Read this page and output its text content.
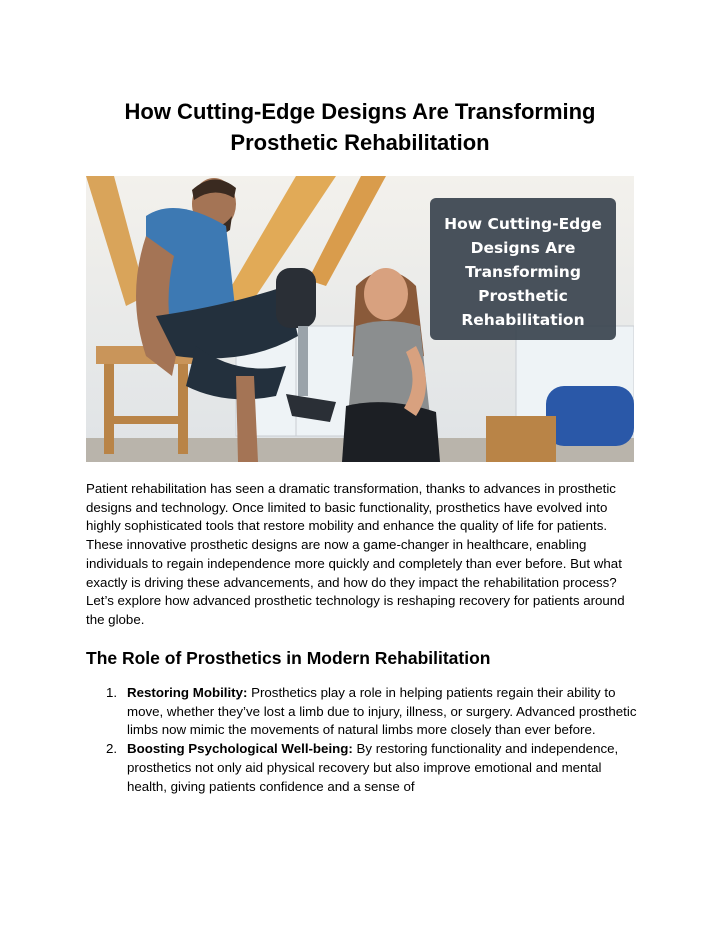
How Cutting-Edge Designs Are Transforming
Prosthetic Rehabilitation
How Cutting-Edge
Designs Are
Transforming
Prosthetic
Rehabilitation

Patient rehabilitation has seen a dramatic transformation, thanks to advances in prosthetic designs and technology. Once limited to basic functionality, prosthetics have evolved into highly sophisticated tools that restore mobility and enhance the quality of life for patients. These innovative prosthetic designs are now a game-changer in healthcare, enabling individuals to regain independence more quickly and completely than ever before. But what exactly is driving these advancements, and how do they impact the rehabilitation process? Let’s explore how advanced prosthetic technology is reshaping recovery for patients around the globe.

The Role of Prosthetics in Modern Rehabilitation
1. Restoring Mobility: Prosthetics play a role in helping patients regain their ability to move, whether they’ve lost a limb due to injury, illness, or surgery. Advanced prosthetic limbs now mimic the movements of natural limbs more closely than ever before.
2. Boosting Psychological Well-being: By restoring functionality and independence, prosthetics not only aid physical recovery but also improve emotional and mental health, giving patients confidence and a sense of
